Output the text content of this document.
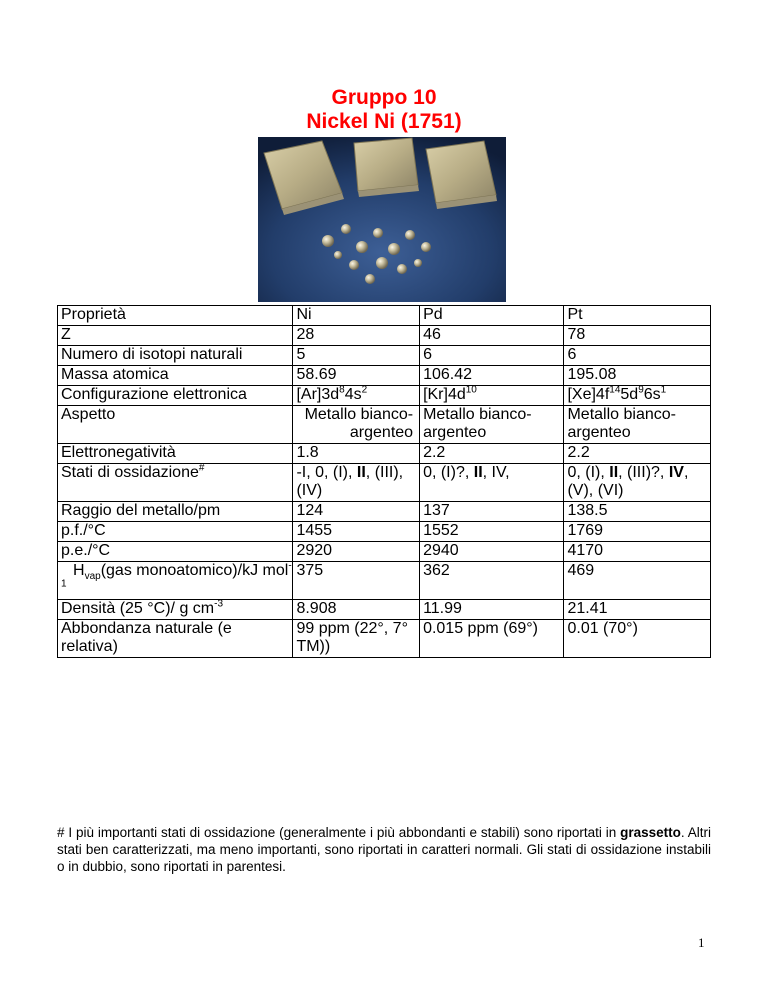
Gruppo 10
Nickel Ni (1751)
Proprietà	Ni	Pd	Pt
Z	28	46	78
Numero di isotopi naturali	5	6	6
Massa atomica	58.69	106.42	195.08
Configurazione elettronica	$[Ar]3d^84s^2$	$[Kr]4d^{10}$	$[Xe]4f^{14}5d^96s^1$
Aspetto	Metallo bianco-argenteo	Metallo bianco-argenteo	Metallo bianco-argenteo
Elettronegatività	1.8	2.2	2.2
Stati di ossidazione#	-I, 0, (I), II, (III), (IV)	0, (I)?, II, IV,	0, (I), II, (III)?, IV, (V), (VI)
Raggio del metallo/pm	124	137	138.5
p.f./°C	1455	1552	1769
p.e./°C	2920	2940	4170
$H_{vap}(gas$ monoatomico)/kJ mol$^{-1}$	375	362	469
Densità (25 °C)/ g $cm^{-3}$	8.908	11.99	21.41
Abbondanza naturale (e relativa)	99 ppm (22°, 7° TM))	0.015 ppm (69°)	0.01 (70°)
# I più importanti stati di ossidazione (generalmente i più abbondanti e stabili) sono riportati in grassetto. Altri stati ben caratterizzati, ma meno importanti, sono riportati in caratteri normali. Gli stati di ossidazione instabili o in dubbio, sono riportati in parentesi.
1
